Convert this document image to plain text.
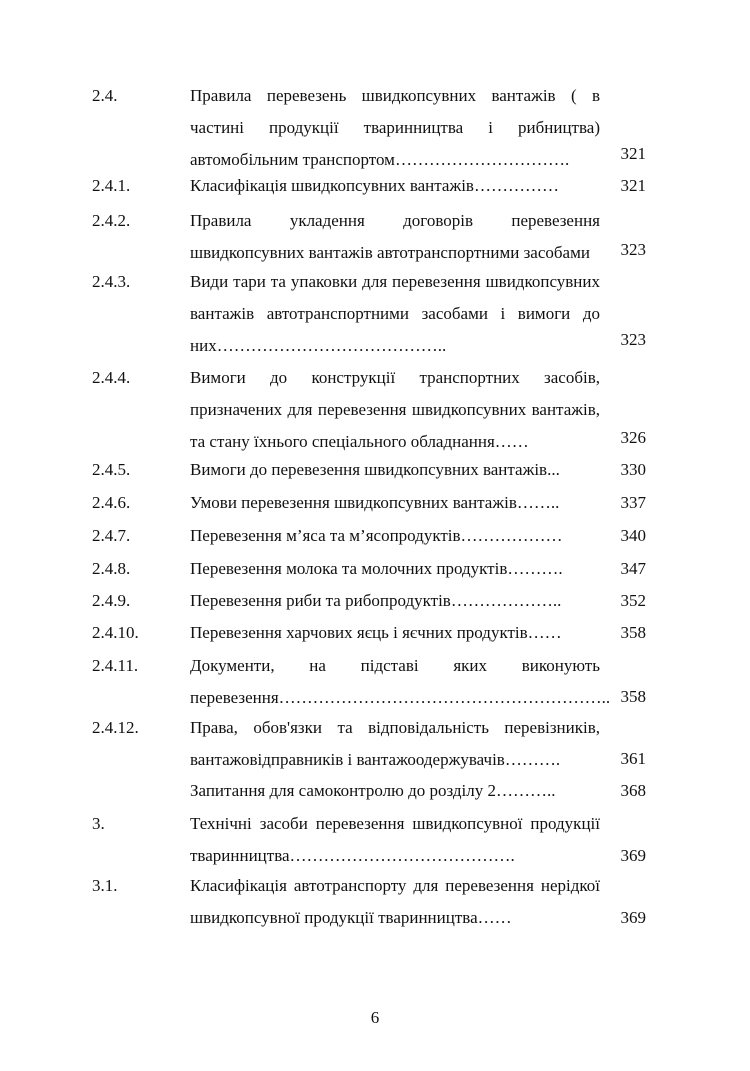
2.4.	Правила перевезень швидкопсувних вантажів ( в частині продукції тваринництва і рибництва) автомобільним транспортом………………………….	321
2.4.1.	Класифікація швидкопсувних вантажів……………	321
2.4.2.	Правила укладення договорів перевезення швидкопсувних вантажів автотранспортними засобами	323
2.4.3.	Види тари та упаковки для перевезення швидкопсувних вантажів автотранспортними засобами і вимоги до них…………………………………..	323
2.4.4.	Вимоги до конструкції транспортних засобів, призначених для перевезення швидкопсувних вантажів, та стану їхнього спеціального обладнання……	326
2.4.5.	Вимоги до перевезення швидкопсувних вантажів...	330
2.4.6.	Умови перевезення швидкопсувних вантажів……..	337
2.4.7.	Перевезення м’яса та м’ясопродуктів………………	340
2.4.8.	Перевезення молока та молочних продуктів……….	347
2.4.9.	Перевезення риби та рибопродуктів………………..	352
2.4.10.	Перевезення харчових яєць і яєчних продуктів……	358
2.4.11.	Документи, на підставі яких виконують перевезення………………………………………………….. 358
2.4.12.	Права, обов'язки та відповідальність перевізників, вантажовідправників і вантажоодержувачів……….	361
Запитання для самоконтролю до розділу 2………..	368
3.	Технічні засоби перевезення швидкопсувної продукції тваринництва………………………………….	369
3.1.	Класифікація автотранспорту для перевезення нерідкої швидкопсувної продукції тваринництва……	369
6
